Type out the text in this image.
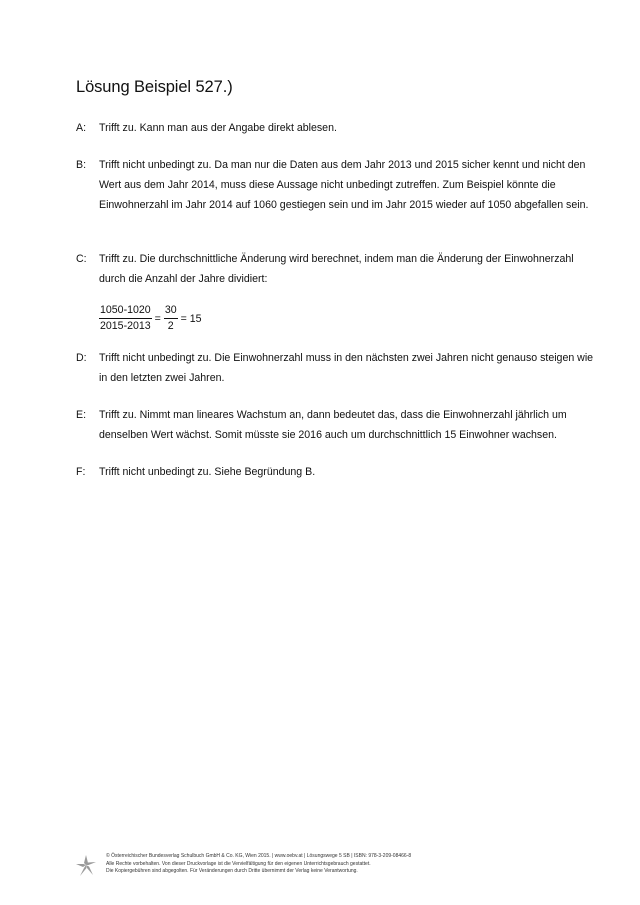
Lösung Beispiel 527.)
A:	Trifft zu. Kann man aus der Angabe direkt ablesen.
B:	Trifft nicht unbedingt zu. Da man nur die Daten aus dem Jahr 2013 und 2015 sicher kennt und nicht den Wert aus dem Jahr 2014, muss diese Aussage nicht unbedingt zutreffen. Zum Beispiel könnte die Einwohnerzahl im Jahr 2014 auf 1060 gestiegen sein und im Jahr 2015 wieder auf 1050 abgefallen sein.
C:	Trifft zu. Die durchschnittliche Änderung wird berechnet, indem man die Änderung der Einwohnerzahl durch die Anzahl der Jahre dividiert:
$\frac{1050-1020}{2015-2013} = \frac{30}{2} = 15$
D:	Trifft nicht unbedingt zu. Die Einwohnerzahl muss in den nächsten zwei Jahren nicht genauso steigen wie in den letzten zwei Jahren.
E:	Trifft zu. Nimmt man lineares Wachstum an, dann bedeutet das, dass die Einwohnerzahl jährlich um denselben Wert wächst. Somit müsste sie 2016 auch um durchschnittlich 15 Einwohner wachsen.
F:	Trifft nicht unbedingt zu. Siehe Begründung B.
© Österreichischer Bundesverlag Schulbuch GmbH & Co. KG, Wien 2015. | www.oebv.at | Lösungswege 5 SB | ISBN: 978-3-209-08466-8
Alle Rechte vorbehalten. Von dieser Druckvorlage ist die Vervielfältigung für den eigenen Unterrichtsgebrauch gestattet.
Die Kopiergebühren sind abgegolten. Für Veränderungen durch Dritte übernimmt der Verlag keine Verantwortung.
